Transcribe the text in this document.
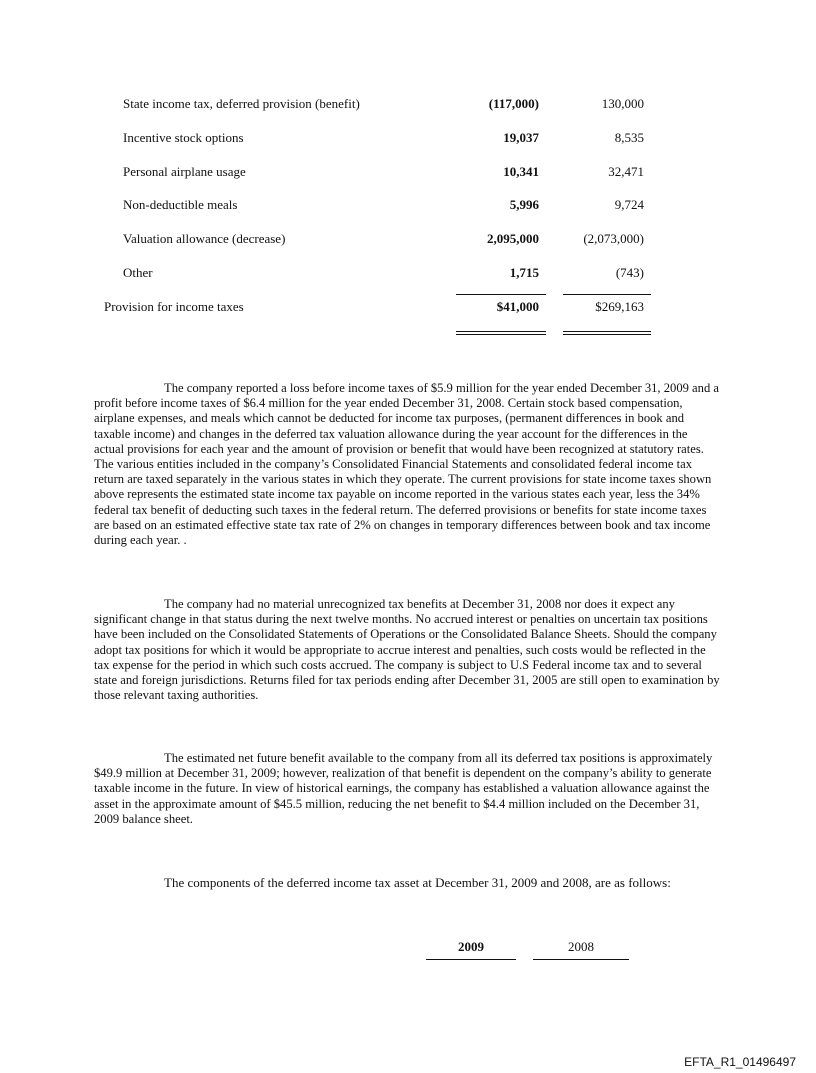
State income tax, deferred provision (benefit)	(117,000)	130,000
Incentive stock options	19,037	8,535
Personal airplane usage	10,341	32,471
Non-deductible meals	5,996	9,724
Valuation allowance (decrease)	2,095,000	(2,073,000)
Other	1,715	(743)
Provision for income taxes	$41,000	$269,163

The company reported a loss before income taxes of $5.9 million for the year ended December 31, 2009 and a profit before income taxes of $6.4 million for the year ended December 31, 2008. Certain stock based compensation, airplane expenses, and meals which cannot be deducted for income tax purposes, (permanent differences in book and taxable income) and changes in the deferred tax valuation allowance during the year account for the differences in the actual provisions for each year and the amount of provision or benefit that would have been recognized at statutory rates. The various entities included in the company’s Consolidated Financial Statements and consolidated federal income tax return are taxed separately in the various states in which they operate. The current provisions for state income taxes shown above represents the estimated state income tax payable on income reported in the various states each year, less the 34% federal tax benefit of deducting such taxes in the federal return. The deferred provisions or benefits for state income taxes are based on an estimated effective state tax rate of 2% on changes in temporary differences between book and tax income during each year. .

The company had no material unrecognized tax benefits at December 31, 2008 nor does it expect any significant change in that status during the next twelve months. No accrued interest or penalties on uncertain tax positions have been included on the Consolidated Statements of Operations or the Consolidated Balance Sheets. Should the company adopt tax positions for which it would be appropriate to accrue interest and penalties, such costs would be reflected in the tax expense for the period in which such costs accrued. The company is subject to U.S Federal income tax and to several state and foreign jurisdictions. Returns filed for tax periods ending after December 31, 2005 are still open to examination by those relevant taxing authorities.

The estimated net future benefit available to the company from all its deferred tax positions is approximately $49.9 million at December 31, 2009; however, realization of that benefit is dependent on the company’s ability to generate taxable income in the future. In view of historical earnings, the company has established a valuation allowance against the asset in the approximate amount of $45.5 million, reducing the net benefit to $4.4 million included on the December 31, 2009 balance sheet.

The components of the deferred income tax asset at December 31, 2009 and 2008, are as follows:
2009	2008
EFTA_R1_01496497
